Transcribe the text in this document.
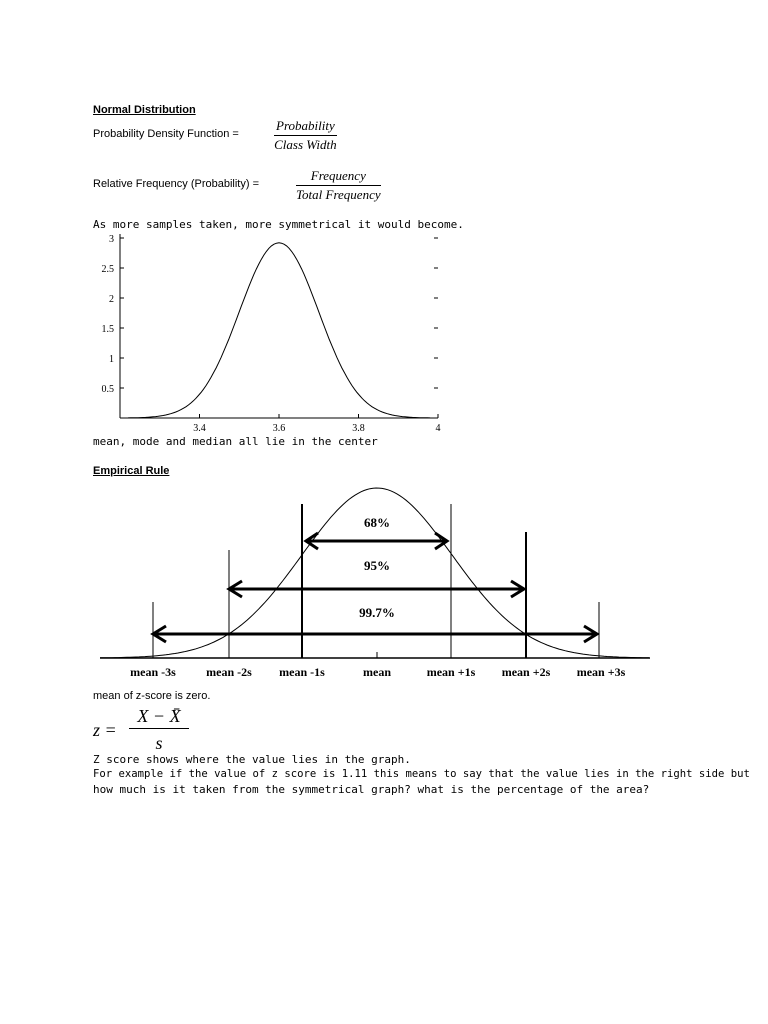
Normal Distribution
Probability Density Function =
Probability
Class Width
Relative Frequency (Probability) =
Frequency
Total Frequency
As more samples taken, more symmetrical it would become.
0.5
1
1.5
2
2.5
3
3.4	3.6	3.8	4
mean, mode and median all lie in the center
Empirical Rule
68%
95%
99.7%
mean -3s	mean -2s mean -1s	mean	mean +1s mean +2s mean +3s
mean of z-score is zero.
z =
X − X̄
s
Z score shows where the value lies in the graph.
For example if the value of z score is 1.11 this means to say that the value lies in the right side but
how much is it taken from the symmetrical graph? what is the percentage of the area?
